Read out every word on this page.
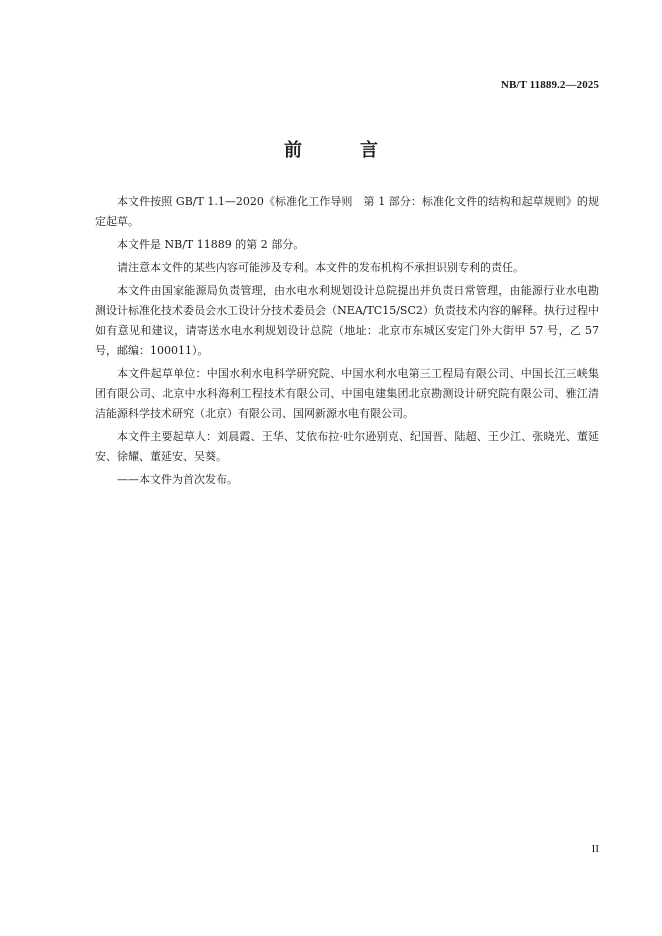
NB/T 11889.2—2025
前　言

本文件按照 GB/T 1.1—2020《标准化工作导则　第 1 部分：标准化文件的结构和起草规则》的规定起草。

本文件是 NB/T 11889 的第 2 部分。

请注意本文件的某些内容可能涉及专利。本文件的发布机构不承担识别专利的责任。

本文件由国家能源局负责管理，由水电水利规划设计总院提出并负责日常管理，由能源行业水电勘测设计标准化技术委员会水工设计分技术委员会（NEA/TC15/SC2）负责技术内容的解释。执行过程中如有意见和建议，请寄送水电水利规划设计总院（地址：北京市东城区安定门外大街甲 57 号，乙 57 号，邮编：100011）。

本文件起草单位：中国水利水电科学研究院、中国水利水电第三工程局有限公司、中国长江三峡集团有限公司、北京中水科海利工程技术有限公司、中国电建集团北京勘测设计研究院有限公司、雅江清洁能源科学技术研究（北京）有限公司、国网新源水电有限公司。

本文件主要起草人：刘晨霞、王华、艾依布拉·吐尔逊别克、纪国晋、陆超、王少江、张晓光、董延安、徐耀、董延安、吴葵。

——本文件为首次发布。

II
